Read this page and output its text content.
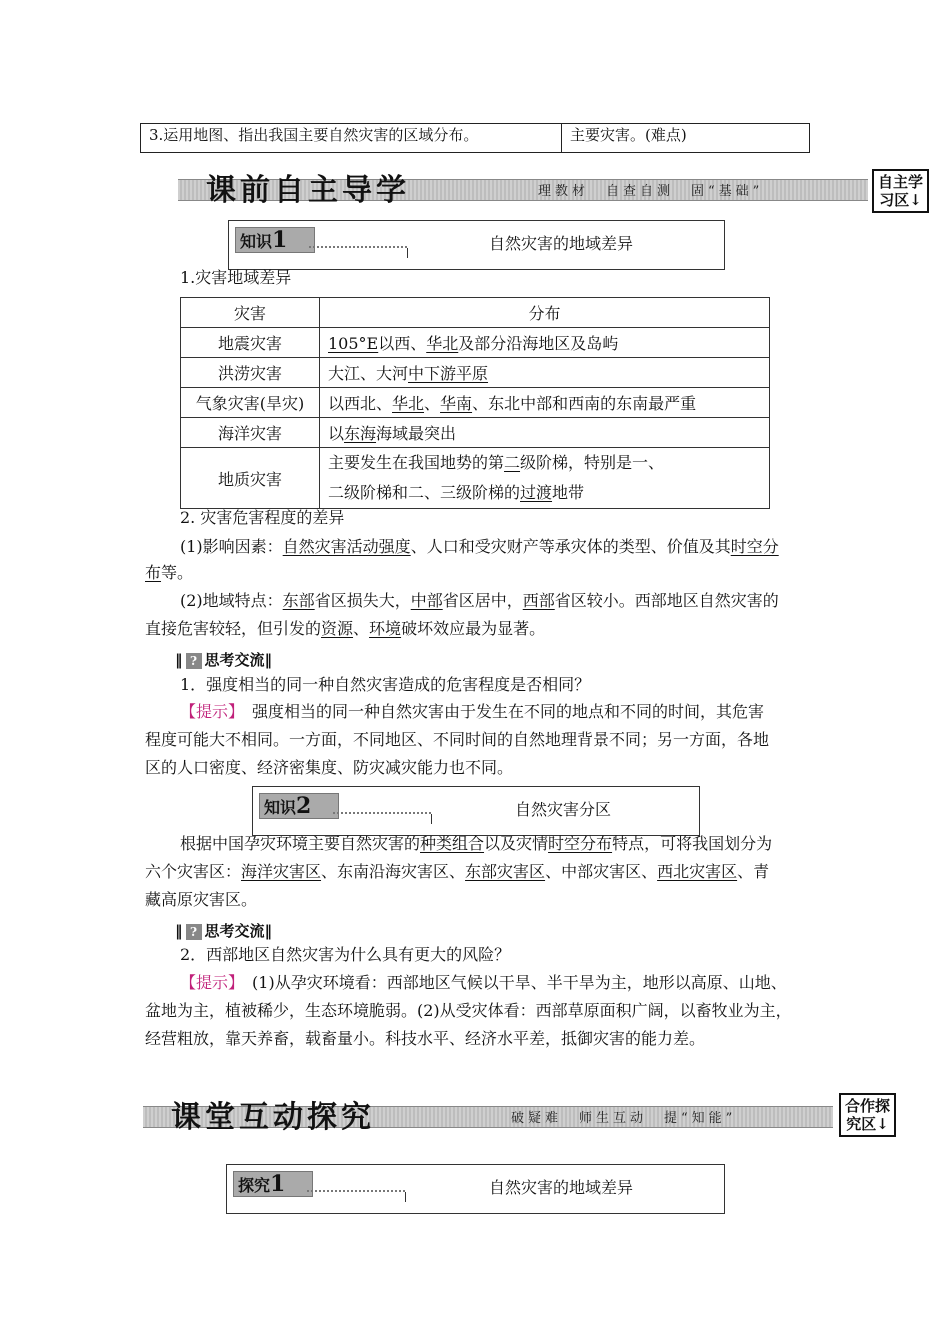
3.运用地图、指出我国主要自然灾害的区域分布。	主要灾害。(难点)
课前自主导学	理教材　自查自测　固“基础”
自主学
习区↓
知识1	自然灾害的地域差异
1.灾害地域差异
灾害	分布
地震灾害	105°E以西、华北及部分沿海地区及岛屿
洪涝灾害	大江、大河中下游平原
气象灾害(旱灾)	以西北、华北、华南、东北中部和西南的东南最严重
海洋灾害	以东海海域最突出
地质灾害	主要发生在我国地势的第二级阶梯，特别是一、
二级阶梯和二、三级阶梯的过渡地带
2. 灾害危害程度的差异
(1)影响因素：自然灾害活动强度、人口和受灾财产等承灾体的类型、价值及其时空分
布等。
(2)地域特点：东部省区损失大，中部省区居中，西部省区较小。西部地区自然灾害的
直接危害较轻，但引发的资源、环境破坏效应最为显著。
‖ ? 思考交流‖
1．强度相当的同一种自然灾害造成的危害程度是否相同？
【提示】　 强度相当的同一种自然灾害由于发生在不同的地点和不同的时间，其危害
程度可能大不相同。一方面，不同地区、不同时间的自然地理背景不同；另一方面，各地
区的人口密度、经济密集度、防灾减灾能力也不同。
知识2	自然灾害分区
根据中国孕灾环境主要自然灾害的种类组合以及灾情时空分布特点，可将我国划分为
六个灾害区：海洋灾害区、东南沿海灾害区、东部灾害区、中部灾害区、西北灾害区、青
藏高原灾害区。
‖ ? 思考交流‖
2．西部地区自然灾害为什么具有更大的风险？
【提示】　 (1)从孕灾环境看：西部地区气候以干旱、半干旱为主，地形以高原、山地、
盆地为主，植被稀少，生态环境脆弱。(2)从受灾体看：西部草原面积广阔，以畜牧业为主，
经营粗放，靠天养畜，载畜量小。科技水平、经济水平差，抵御灾害的能力差。
课堂互动探究	破疑难　师生互动　提“知能”
合作探
究区↓
探究1	自然灾害的地域差异
